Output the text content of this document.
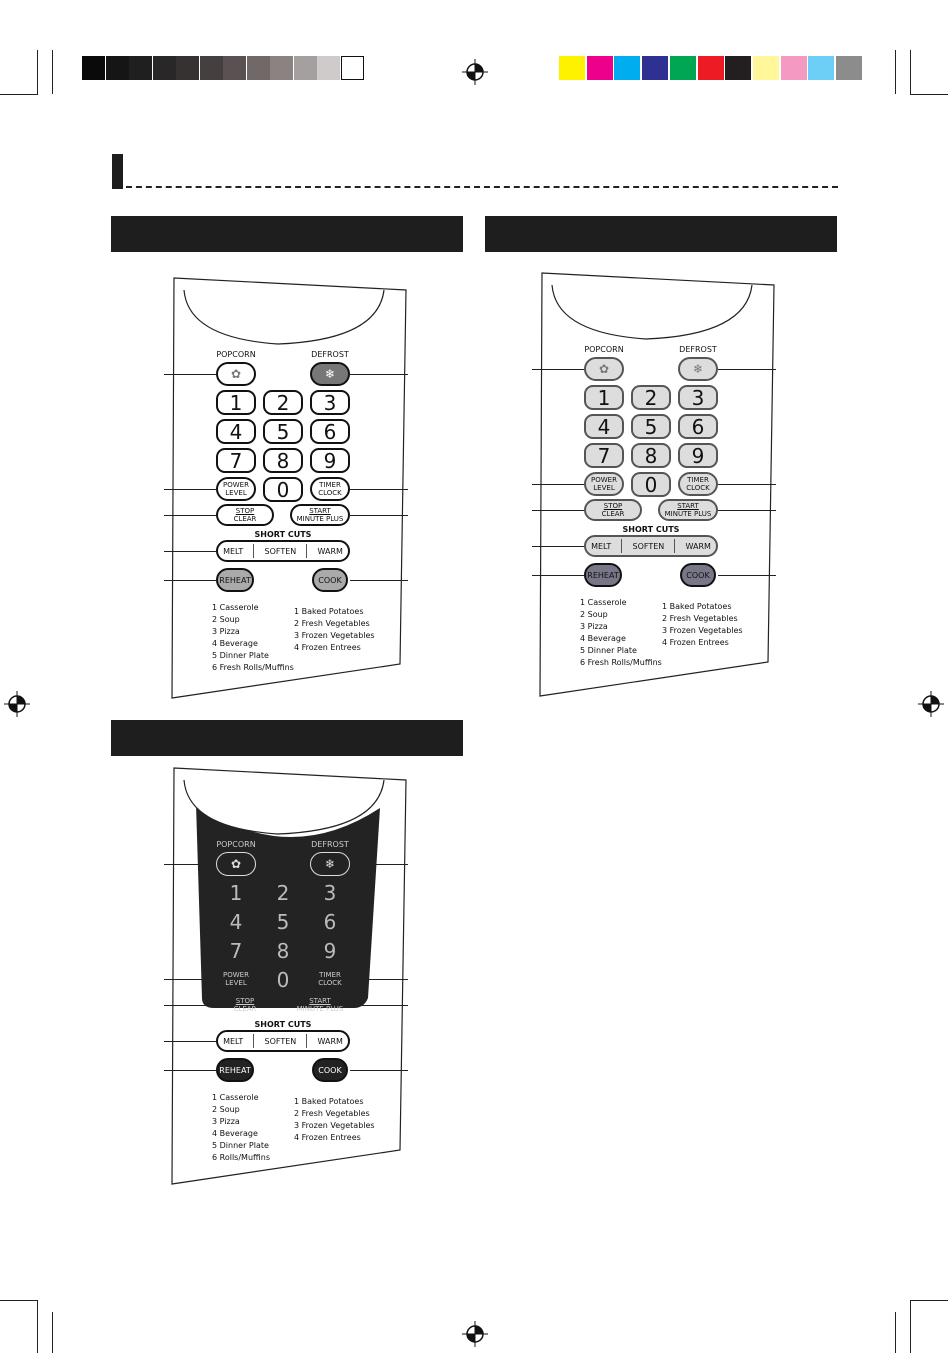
POPCORN	DEFROST
✿	❄
1	2	3
4	5	6
7	8	9
0
POWER
LEVEL
TIMER
CLOCK
STOP
CLEAR
START
MINUTE PLUS
SHORT CUTS
MELT	SOFTEN	WARM
REHEAT	COOK
1 Casserole
2 Soup
3 Pizza
4 Beverage
5 Dinner Plate
6 Fresh Rolls/Muffins
1 Baked Potatoes
2 Fresh Vegetables
3 Frozen Vegetables
4 Frozen Entrees
POPCORN	DEFROST
✿	❄
1	2	3
4	5	6
7	8	9
0
POWER
LEVEL
TIMER
CLOCK
STOP
CLEAR
START
MINUTE PLUS
SHORT CUTS
MELT	SOFTEN	WARM
REHEAT	COOK
1 Casserole
2 Soup
3 Pizza
4 Beverage
5 Dinner Plate
6 Fresh Rolls/Muffins
1 Baked Potatoes
2 Fresh Vegetables
3 Frozen Vegetables
4 Frozen Entrees
POPCORN	DEFROST
✿	❄
1	2	3
4	5	6
7	8	9
0
POWER
LEVEL
TIMER
CLOCK
STOP
CLEAR
START
MINUTE PLUS
SHORT CUTS
MELT	SOFTEN	WARM
REHEAT	COOK
1 Casserole
2 Soup
3 Pizza
4 Beverage
5 Dinner Plate
6 Rolls/Muffins
1 Baked Potatoes
2 Fresh Vegetables
3 Frozen Vegetables
4 Frozen Entrees
